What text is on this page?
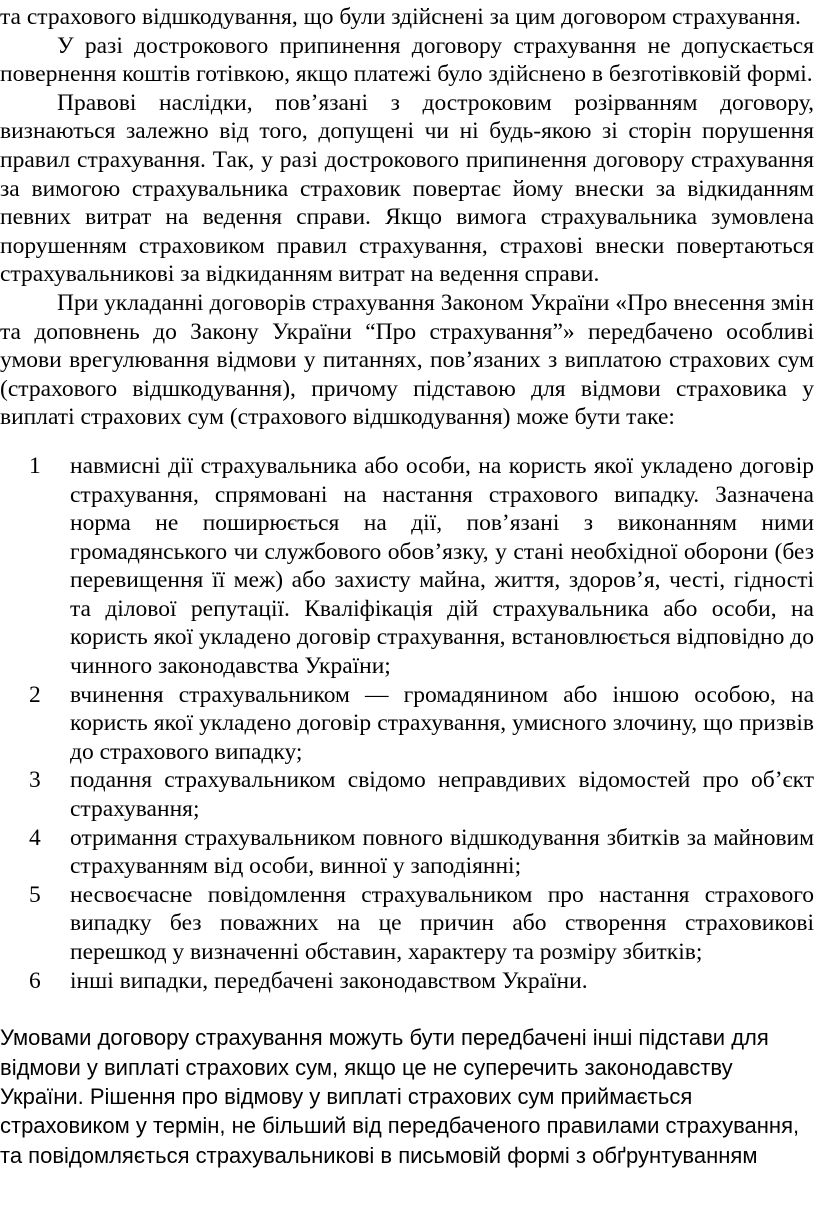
та страхового відшкодування, що були здійснені за цим договором страхування.

У разі дострокового припинення договору страхування не допускається повернення коштів готівкою, якщо платежі було здійснено в безготівковій формі.

Правові наслідки, пов’язані з достроковим розірванням договору, визнаються залежно від того, допущені чи ні будь-якою зі сторін порушення правил страхування. Так, у разі дострокового припинення договору страхування за вимогою страхувальника страховик повертає йому внески за відкиданням певних витрат на ведення справи. Якщо вимога страхувальника зумовлена порушенням страховиком правил страхування, страхові внески повертаються страхувальникові за відкиданням витрат на ведення справи.

При укладанні договорів страхування Законом України «Про внесення змін та доповнень до Закону України “Про страхування”» передбачено особливі умови врегулювання відмови у питаннях, пов’язаних з виплатою страхових сум (страхового відшкодування), причому підставою для відмови страховика у виплаті страхових сум (страхового відшкодування) може бути таке:

1	навмисні дії страхувальника або особи, на користь якої укладено договір страхування, спрямовані на настання страхового випадку. Зазначена норма не поширюється на дії, пов’язані з виконанням ними громадянського чи службового обов’язку, у стані необхідної оборони (без перевищення її меж) або захисту майна, життя, здоров’я, честі, гідності та ділової репутації. Кваліфікація дій страхувальника або особи, на користь якої укладено договір страхування, встановлюється відповідно до чинного законодавства України;
2	вчинення страхувальником — громадянином або іншою особою, на користь якої укладено договір страхування, умисного злочину, що призвів до страхового випадку;
3	подання страхувальником свідомо неправдивих відомостей про об’єкт страхування;
4	отримання страхувальником повного відшкодування збитків за майновим страхуванням від особи, винної у заподіянні;
5	несвоєчасне повідомлення страхувальником про настання страхового випадку без поважних на це причин або створення страховикові перешкод у визначенні обставин, характеру та розміру збитків;
6	інші випадки, передбачені законодавством України.

Умовами договору страхування можуть бути передбачені інші підстави для відмови у виплаті страхових сум, якщо це не суперечить законодавству України. Рішення про відмову у виплаті страхових сум приймається страховиком у термін, не більший від передбаченого правилами страхування, та повідомляється страхувальникові в письмовій формі з обґрунтуванням
